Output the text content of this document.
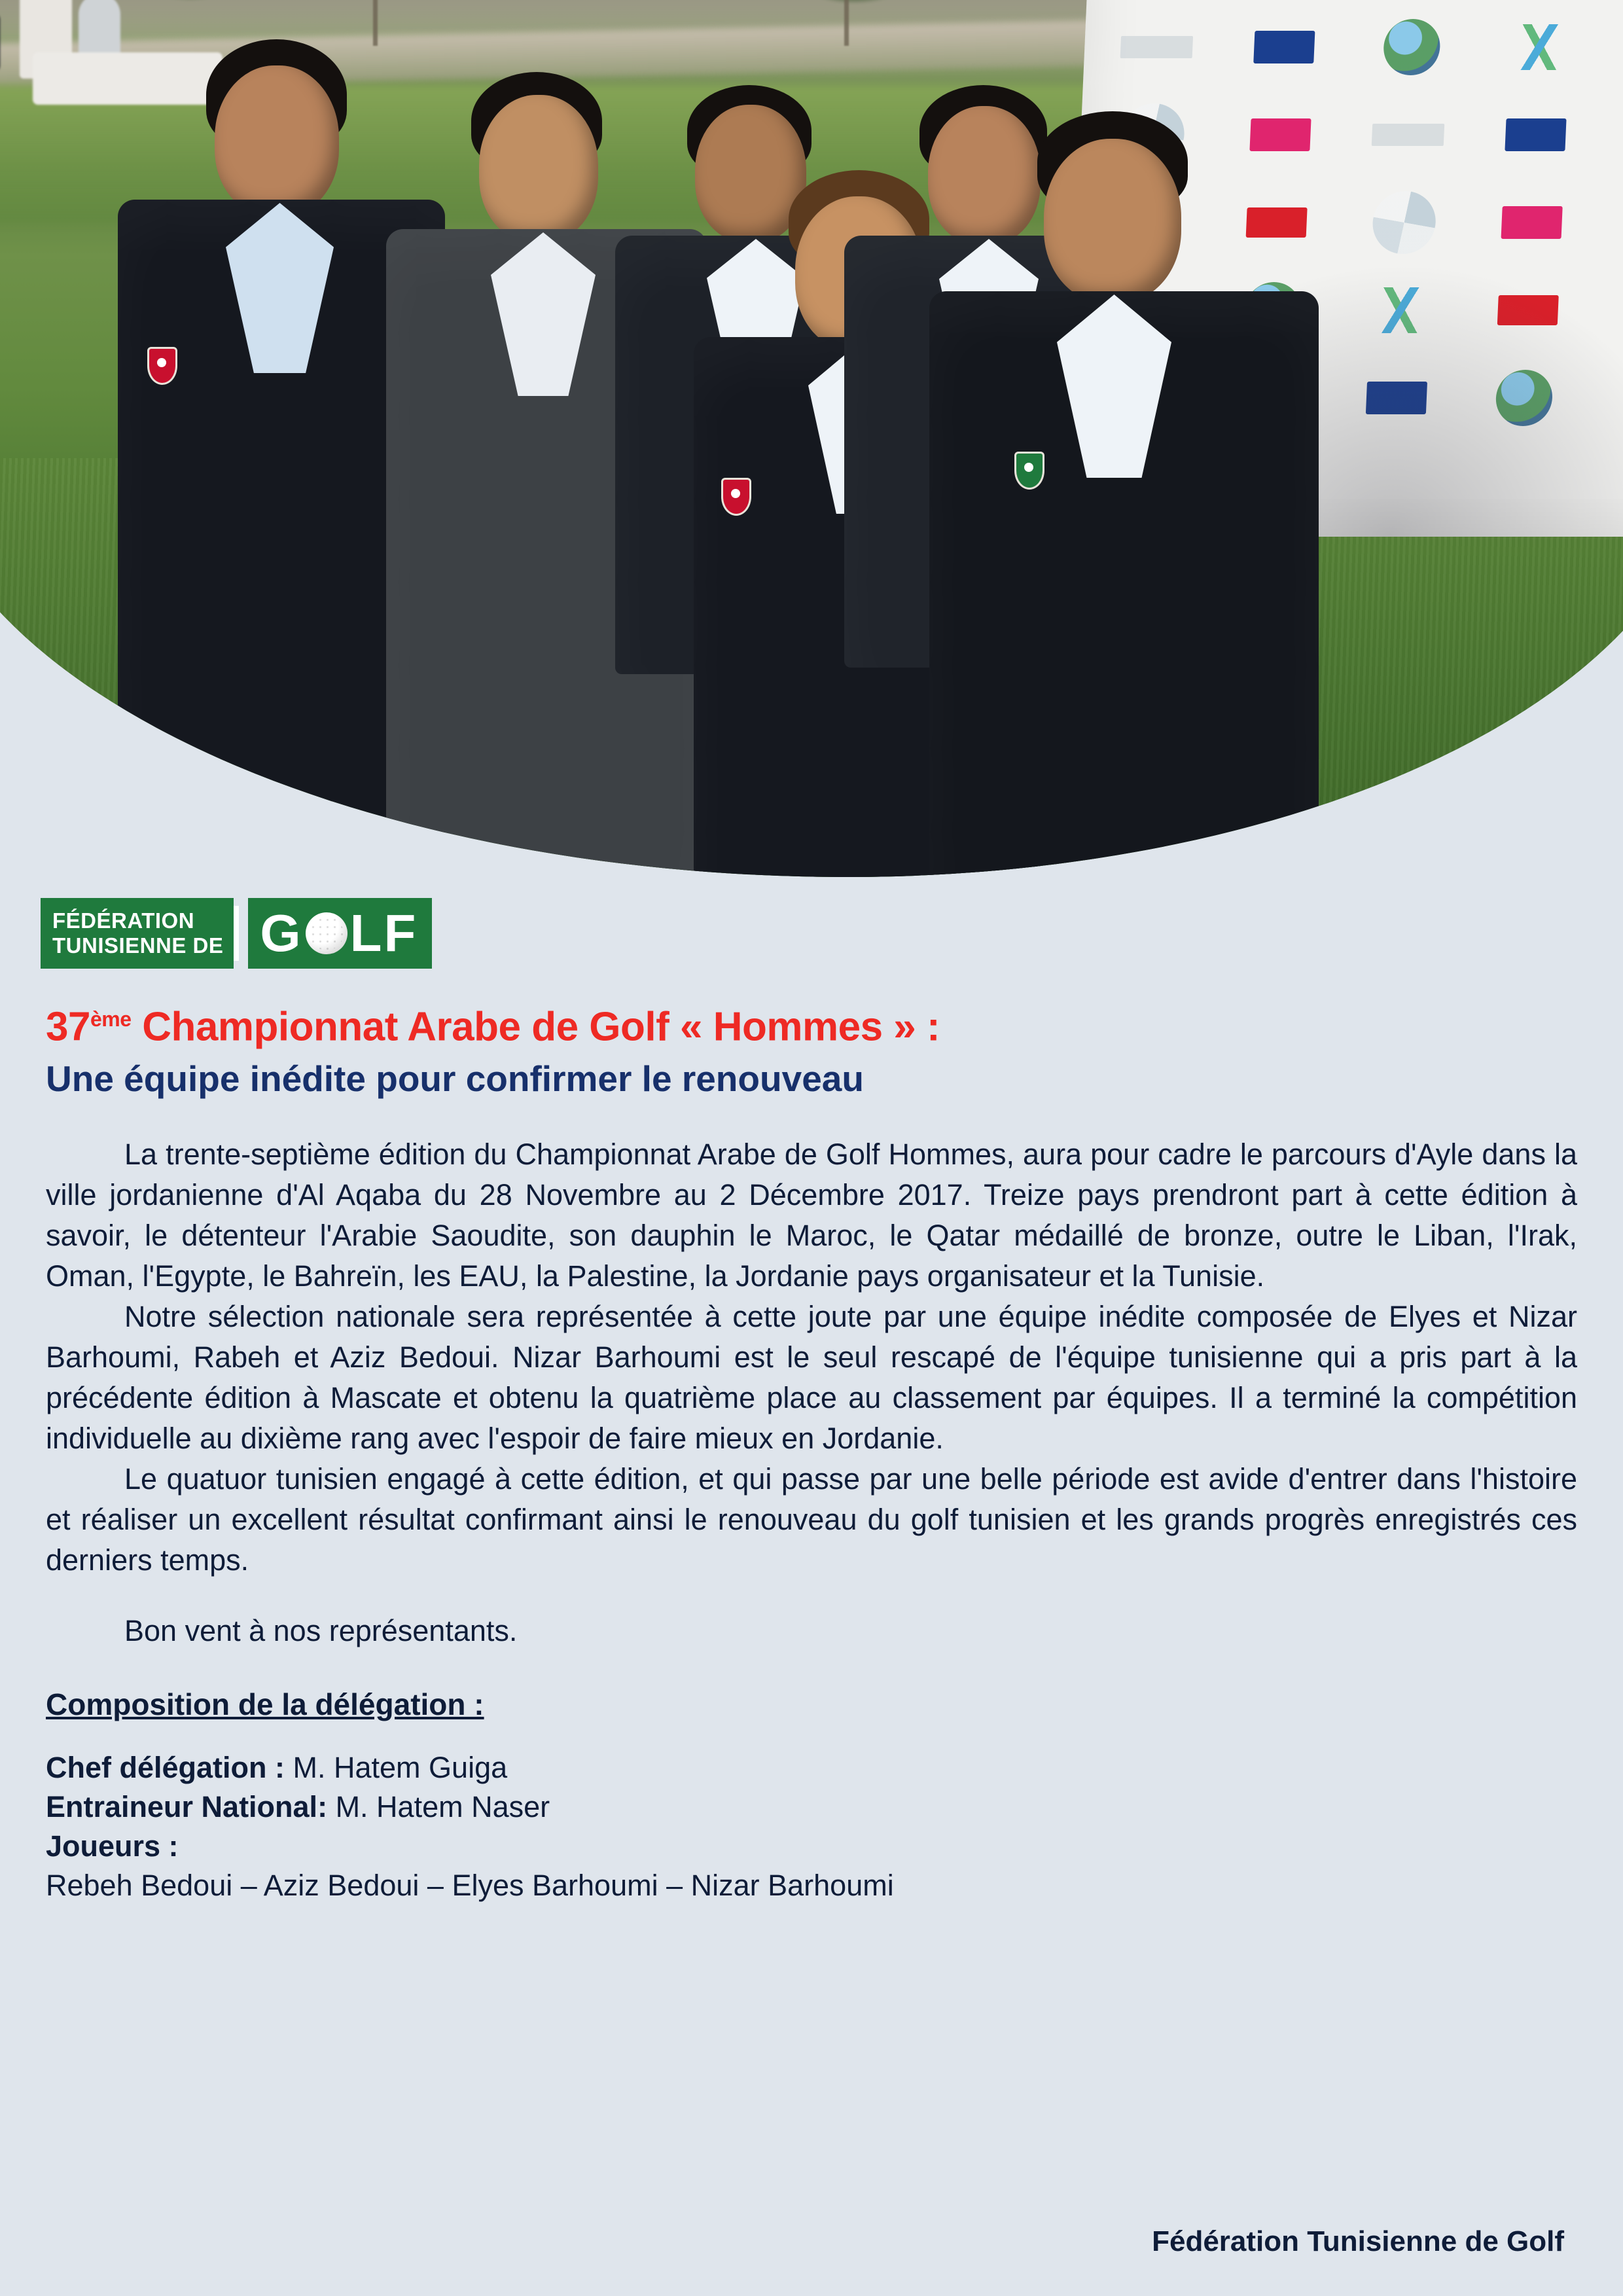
FÉDÉRATION
TUNISIENNE DE G LF
37ème Championnat Arabe de Golf « Hommes » :
Une équipe inédite pour confirmer le renouveau

La trente-septième édition du Championnat Arabe de Golf Hommes, aura pour cadre le parcours d'Ayle dans la ville jordanienne d'Al Aqaba du 28 Novembre au 2 Décembre 2017. Treize pays prendront part à cette édition à savoir, le détenteur l'Arabie Saoudite, son dauphin le Maroc, le Qatar médaillé de bronze, outre le Liban, l'Irak, Oman, l'Egypte, le Bahreïn, les EAU, la Palestine, la Jordanie pays organisateur et la Tunisie.

Notre sélection nationale sera représentée à cette joute par une équipe inédite composée de Elyes et Nizar Barhoumi, Rabeh et Aziz Bedoui. Nizar Barhoumi est le seul rescapé de l'équipe tunisienne qui a pris part à la précédente édition à Mascate et obtenu la quatrième place au classement par équipes. Il a terminé la compétition individuelle au dixième rang avec l'espoir de faire mieux en Jordanie.

Le quatuor tunisien engagé à cette édition, et qui passe par une belle période est avide d'entrer dans l'histoire et réaliser un excellent résultat confirmant ainsi le renouveau du golf tunisien et les grands progrès enregistrés ces derniers temps.

Bon vent à nos représentants.

Composition de la délégation :
Chef délégation : M. Hatem Guiga
Entraineur National: M. Hatem Naser
Joueurs :
Rebeh Bedoui – Aziz Bedoui – Elyes Barhoumi – Nizar Barhoumi
Fédération Tunisienne de Golf
